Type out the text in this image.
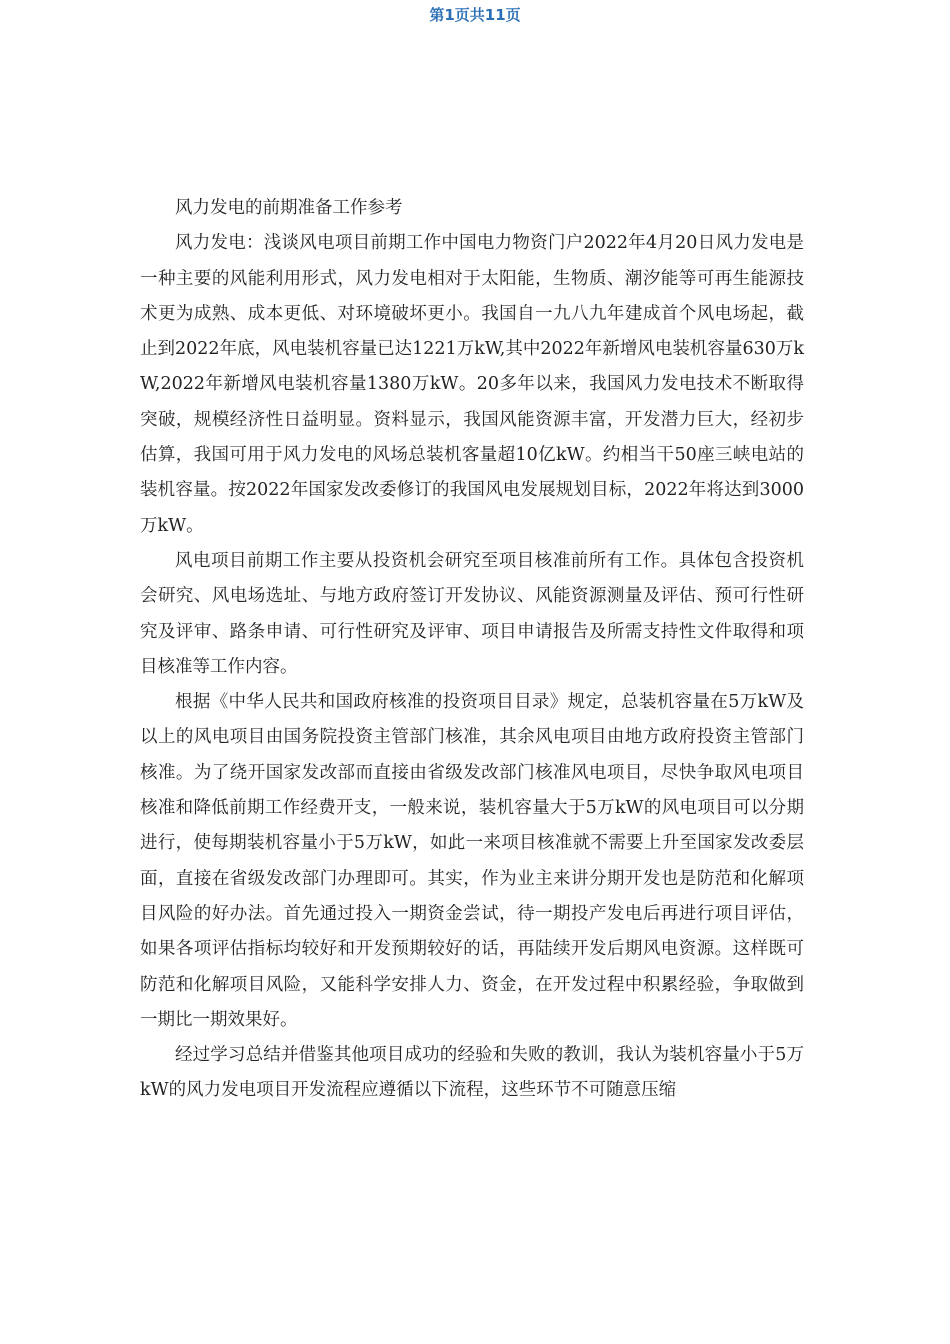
第1页共11页

风力发电的前期准备工作参考

风力发电：浅谈风电项目前期工作中国电力物资门户2022年4月20日风力发电是一种主要的风能利用形式，风力发电相对于太阳能，生物质、潮汐能等可再生能源技术更为成熟、成本更低、对环境破坏更小。我国自一九八九年建成首个风电场起，截止到2022年底，风电装机容量已达1221万kW,其中2022年新增风电装机容量630万kW,2022年新增风电装机容量1380万kW。20多年以来，我国风力发电技术不断取得突破，规模经济性日益明显。资料显示，我国风能资源丰富，开发潜力巨大，经初步估算，我国可用于风力发电的风场总装机客量超10亿kW。约相当干50座三峡电站的装机容量。按2022年国家发改委修订的我国风电发展规划目标，2022年将达到3000万kW。

风电项目前期工作主要从投资机会研究至项目核准前所有工作。具体包含投资机会研究、风电场选址、与地方政府签订开发协议、风能资源测量及评估、预可行性研究及评审、路条申请、可行性研究及评审、项目申请报告及所需支持性文件取得和项目核准等工作内容。

根据《中华人民共和国政府核准的投资项目目录》规定，总装机容量在5万kW及以上的风电项目由国务院投资主管部门核准，其余风电项目由地方政府投资主管部门核准。为了绕开国家发改部而直接由省级发改部门核准风电项目，尽快争取风电项目核准和降低前期工作经费开支，一般来说，装机容量大于5万kW的风电项目可以分期进行，使每期装机容量小于5万kW，如此一来项目核准就不需要上升至国家发改委层面，直接在省级发改部门办理即可。其实，作为业主来讲分期开发也是防范和化解项目风险的好办法。首先通过投入一期资金尝试，待一期投产发电后再进行项目评估，如果各项评估指标均较好和开发预期较好的话，再陆续开发后期风电资源。这样既可防范和化解项目风险，又能科学安排人力、资金，在开发过程中积累经验，争取做到一期比一期效果好。

经过学习总结并借鉴其他项目成功的经验和失败的教训，我认为装机容量小于5万kW的风力发电项目开发流程应遵循以下流程，这些环节不可随意压缩
